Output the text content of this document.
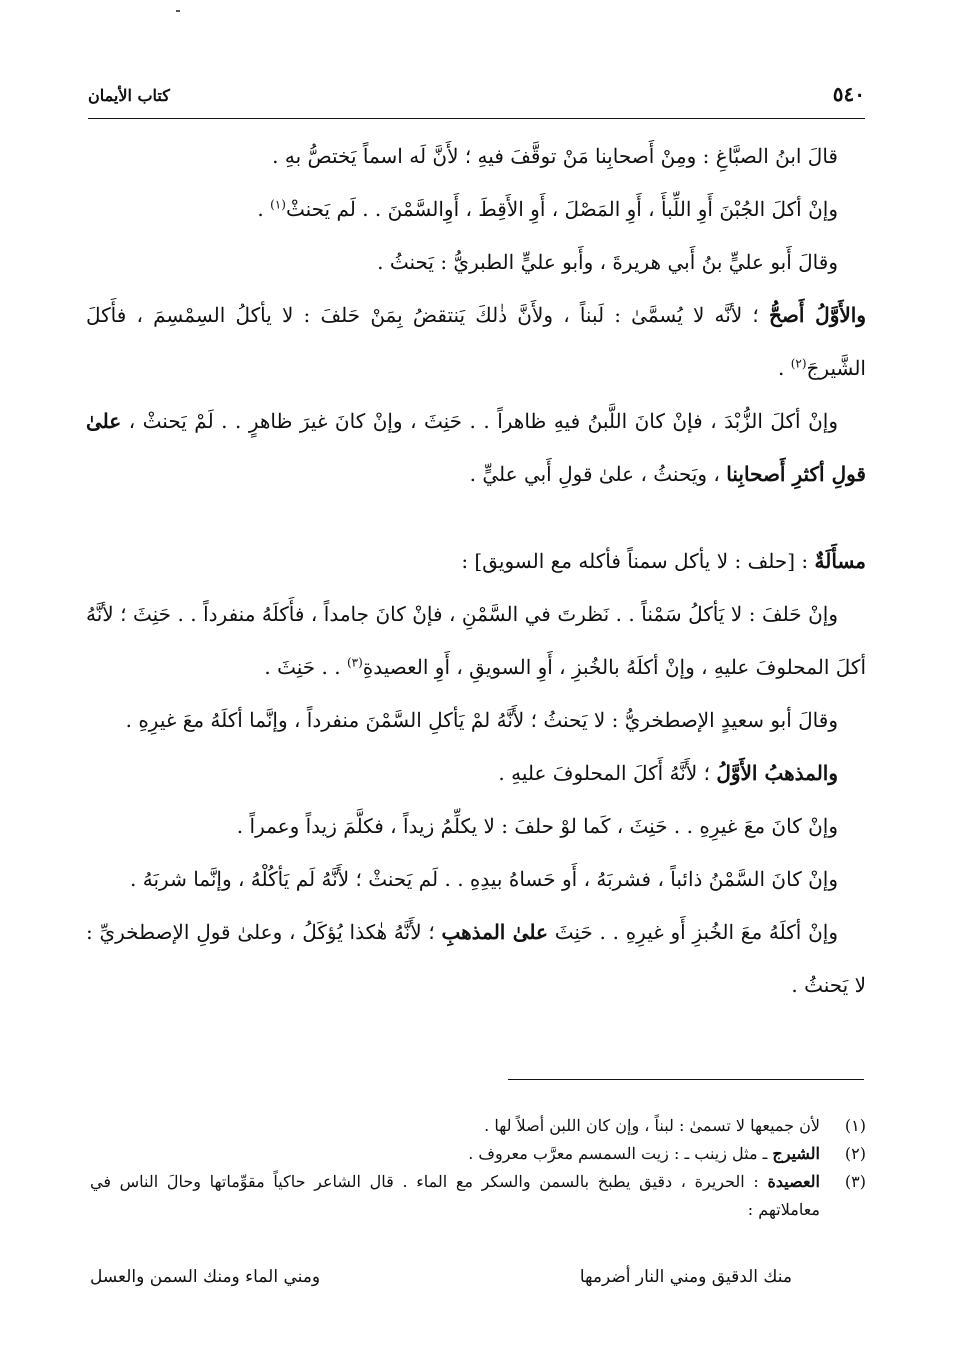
٥٤٠
كتاب الأيمان

قالَ ابنُ الصبَّاغِ : ومِنْ أَصحابِنا مَنْ توقَّفَ فيهِ ؛ لأَنَّ لَه اسماً يَختصُّ بهِ .

وإنْ أكلَ الجُبْنَ أَوِ اللِّبأَ ، أَوِ المَصْلَ ، أَوِ الأَقِطَ ، أَوِالسَّمْنَ . . لَم يَحنثْ$^{(١)}$ .

وقالَ أَبو عليٍّ بنُ أَبي هريرةَ ، وأَبو عليٍّ الطبريُّ : يَحنثُ .

والأَوَّلُ أَصحُّ ؛ لأنَّه لا يُسمَّىٰ : لَبناً ، ولأَنَّ ذٰلكَ يَنتقضُ بِمَنْ حَلفَ : لا يأكلُ السِمْسِمَ ، فأَكلَ الشَّيرجَ$^{(٢)}$ .

وإنْ أكلَ الزُّبْدَ ، فإنْ كانَ اللَّبنُ فيهِ ظاهراً . . حَنِثَ ، وإنْ كانَ غيرَ ظاهرٍ . . لَمْ يَحنثْ ، علىٰ قولِ أكثرِ أَصحابِنا ، ويَحنثُ ، علىٰ قولِ أَبي عليٍّ .

مسأَلَةٌ : [حلف : لا يأكل سمناً فأكله مع السويق] :

وإنْ حَلفَ : لا يَأكلُ سَمْناً . . نَظرتَ في السَّمْنِ ، فإنْ كانَ جامداً ، فأَكلَهُ منفرداً . . حَنِثَ ؛ لأنَّهُ أكلَ المحلوفَ عليهِ ، وإنْ أكلَهُ بالخُبزِ ، أَوِ السويقِ ، أَوِ العصيدةِ$^{(٣)}$ . . حَنِثَ .

وقالَ أبو سعيدٍ الإصطخريُّ : لا يَحنثُ ؛ لأَنَّهُ لمْ يَأكلِ السَّمْنَ منفرداً ، وإنَّما أكلَهُ معَ غيرِهِ .

والمذهبُ الأَوَّلُ ؛ لأَنَّهُ أَكلَ المحلوفَ عليهِ .

وإنْ كانَ معَ غيرِهِ . . حَنِثَ ، كَما لوْ حلفَ : لا يكلِّمُ زيداً ، فكلَّمَ زيداً وعمراً .

وإنْ كانَ السَّمْنُ ذائباً ، فشربَهُ ، أَو حَساهُ بيدِهِ . . لَم يَحنثْ ؛ لأَنَّهُ لَم يَأكُلْهُ ، وإنَّما شربَهُ .

وإنْ أكلَهُ معَ الخُبزِ أَو غيرِهِ . . حَنِثَ علىٰ المذهبِ ؛ لأَنَّهُ هٰكذا يُؤكَلُ ، وعلىٰ قولِ الإصطخريِّ : لا يَحنثُ .

(١)
لأن جميعها لا تسمىٰ : لبناً ، وإن كان اللبن أصلاً لها .
(٢)
الشيرج ـ مثل زينب ـ : زيت السمسم معرَّب معروف .
(٣)
العصيدة : الحريرة ، دقيق يطبخ بالسمن والسكر مع الماء . قال الشاعر حاكياً مقوِّماتها وحالَ الناس في معاملاتهم :
منك الدقيق ومني النار أضرمها
ومني الماء ومنك السمن والعسل
